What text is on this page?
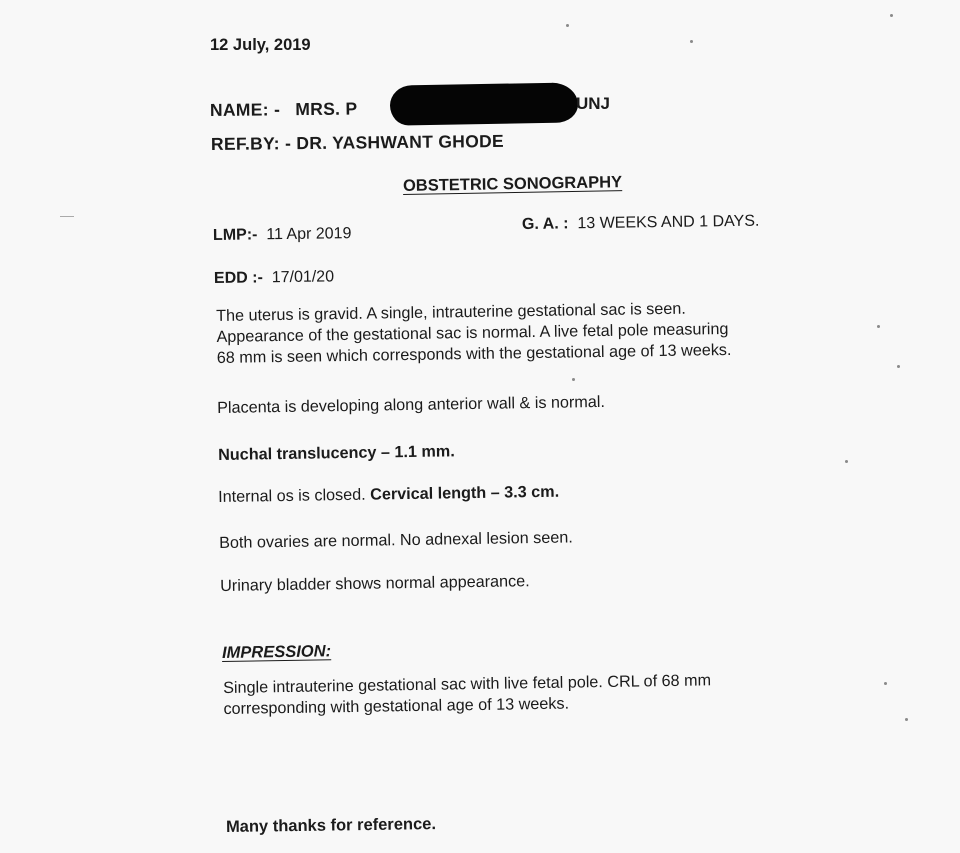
12 July, 2019
NAME: - MRS. P	UNJ
REF.BY: - DR. YASHWANT GHODE
OBSTETRIC SONOGRAPHY
LMP:- 11 Apr 2019
G. A. : 13 WEEKS AND 1 DAYS.
EDD :- 17/01/20
The uterus is gravid. A single, intrauterine gestational sac is seen.
Appearance of the gestational sac is normal. A live fetal pole measuring
68 mm is seen which corresponds with the gestational age of 13 weeks.
Placenta is developing along anterior wall & is normal.
Nuchal translucency – 1.1 mm.
Internal os is closed. Cervical length – 3.3 cm.
Both ovaries are normal. No adnexal lesion seen.
Urinary bladder shows normal appearance.
IMPRESSION:
Single intrauterine gestational sac with live fetal pole. CRL of 68 mm
corresponding with gestational age of 13 weeks.
Many thanks for reference.
